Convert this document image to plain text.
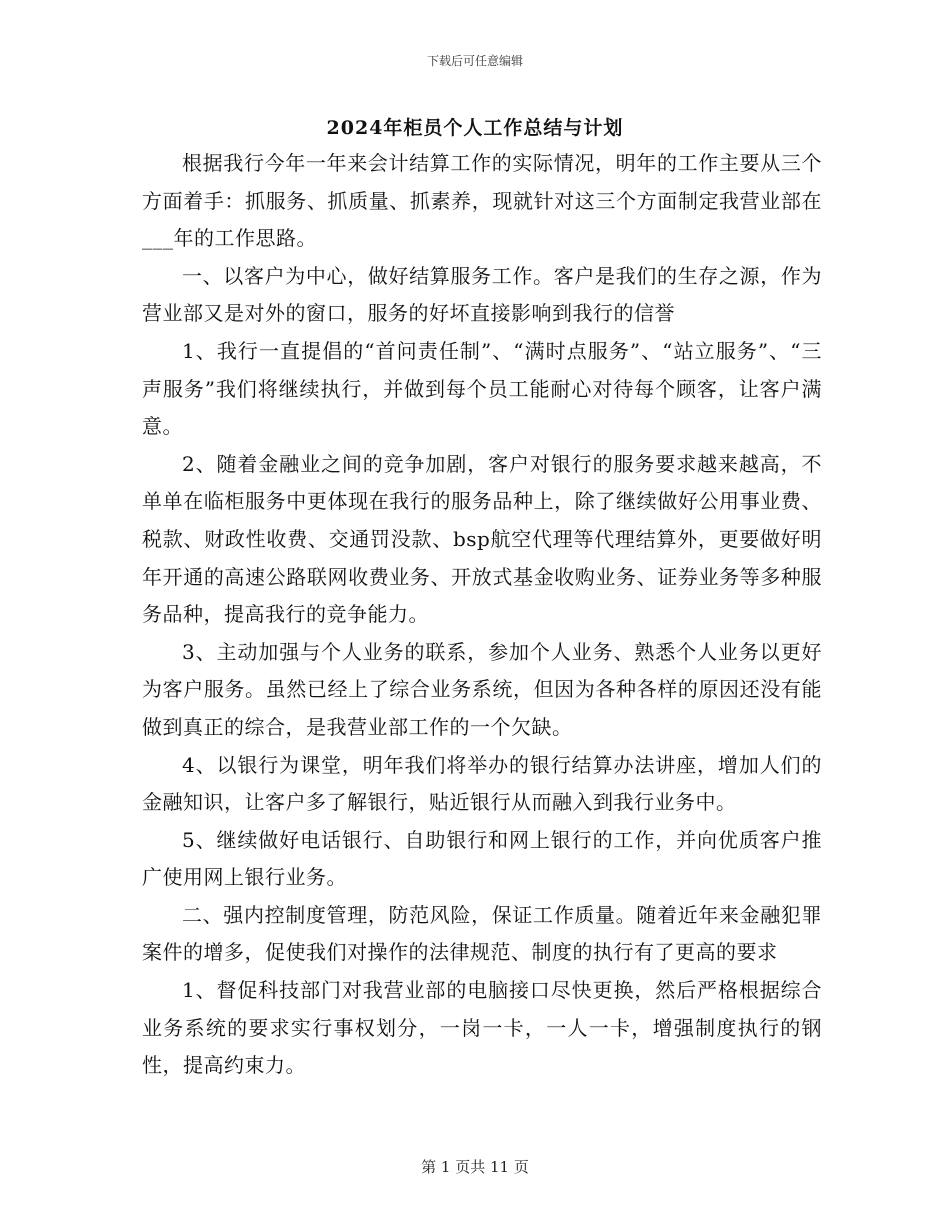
下载后可任意编辑
2024年柜员个人工作总结与计划

根据我行今年一年来会计结算工作的实际情况，明年的工作主要从三个方面着手：抓服务、抓质量、抓素养，现就针对这三个方面制定我营业部在___年的工作思路。

一、以客户为中心，做好结算服务工作。客户是我们的生存之源，作为营业部又是对外的窗口，服务的好坏直接影响到我行的信誉

1、我行一直提倡的“首问责任制”、“满时点服务”、“站立服务”、“三声服务”我们将继续执行，并做到每个员工能耐心对待每个顾客，让客户满意。

2、随着金融业之间的竞争加剧，客户对银行的服务要求越来越高，不单单在临柜服务中更体现在我行的服务品种上，除了继续做好公用事业费、税款、财政性收费、交通罚没款、bsp航空代理等代理结算外，更要做好明年开通的高速公路联网收费业务、开放式基金收购业务、证券业务等多种服务品种，提高我行的竞争能力。

3、主动加强与个人业务的联系，参加个人业务、熟悉个人业务以更好为客户服务。虽然已经上了综合业务系统，但因为各种各样的原因还没有能做到真正的综合，是我营业部工作的一个欠缺。

4、以银行为课堂，明年我们将举办的银行结算办法讲座，增加人们的金融知识，让客户多了解银行，贴近银行从而融入到我行业务中。

5、继续做好电话银行、自助银行和网上银行的工作，并向优质客户推广使用网上银行业务。

二、强内控制度管理，防范风险，保证工作质量。随着近年来金融犯罪案件的增多，促使我们对操作的法律规范、制度的执行有了更高的要求

1、督促科技部门对我营业部的电脑接口尽快更换，然后严格根据综合业务系统的要求实行事权划分，一岗一卡，一人一卡，增强制度执行的钢性，提高约束力。

第 1 页共 11 页
